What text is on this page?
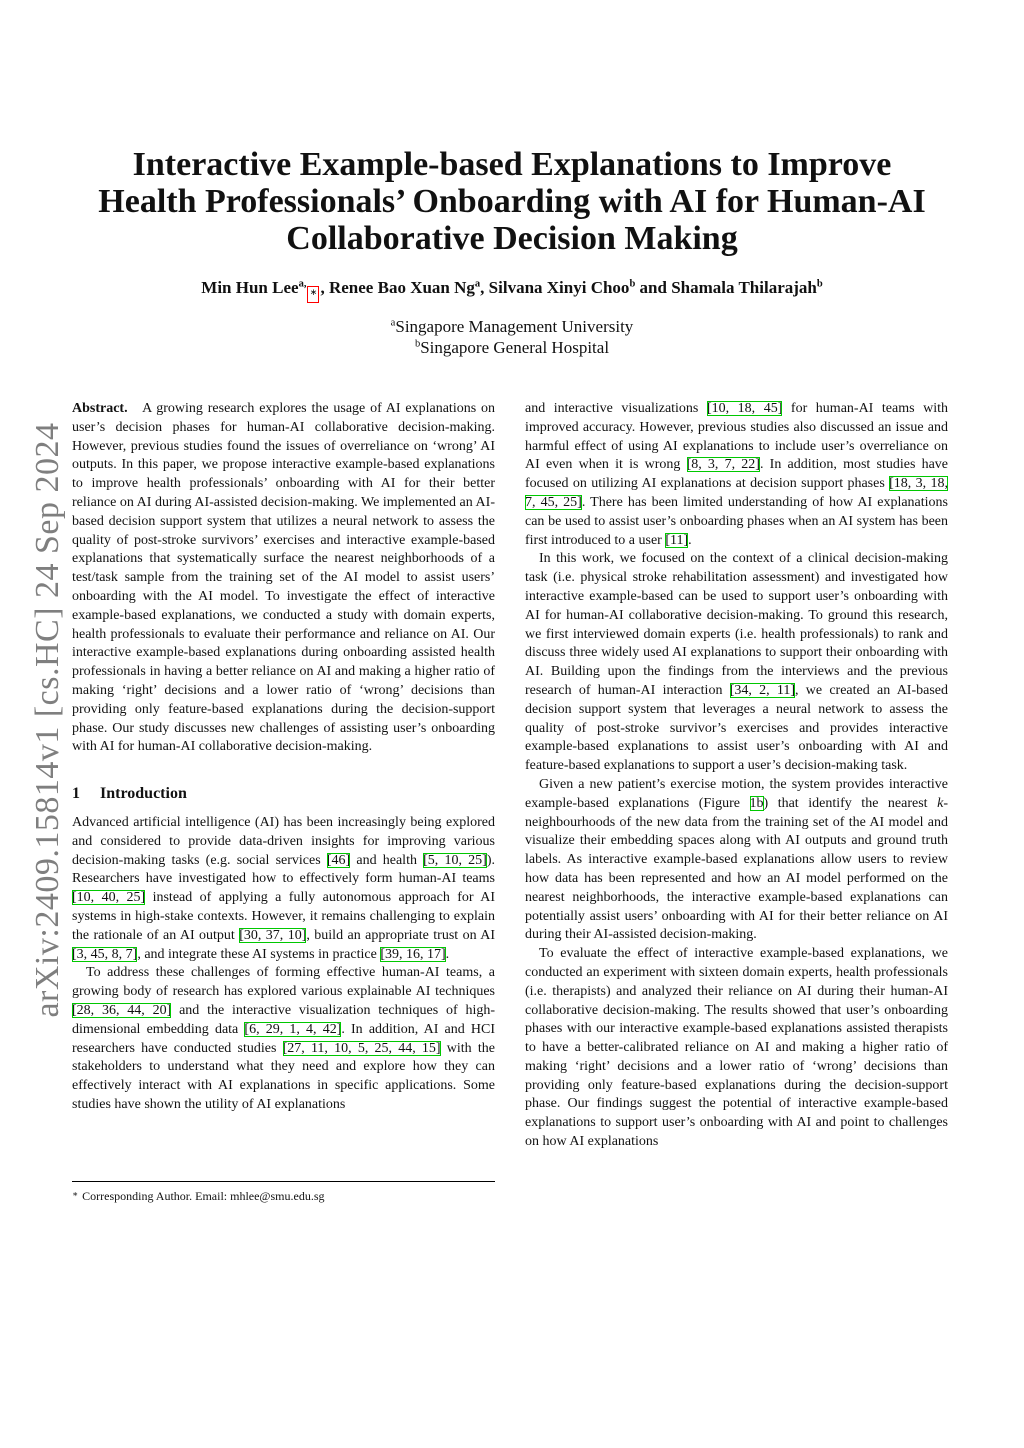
arXiv:2409.15814v1 [cs.HC] 24 Sep 2024
Interactive Example-based Explanations to Improve
Health Professionals’ Onboarding with AI for Human-AI
Collaborative Decision Making
Min Hun Lee$^{a,}$∗ , Renee Bao Xuan Ng$^a$, Silvana Xinyi Choo$^b$ and Shamala Thilarajah$^b$
$^a$Singapore Management University
$^b$Singapore General Hospital

Abstract. A growing research explores the usage of AI explanations on user’s decision phases for human-AI collaborative decision-making. However, previous studies found the issues of overreliance on ‘wrong’ AI outputs. In this paper, we propose interactive example-based explanations to improve health professionals’ onboarding with AI for their better reliance on AI during AI-assisted decision-making. We implemented an AI-based decision support system that utilizes a neural network to assess the quality of post-stroke survivors’ exercises and interactive example-based explanations that systematically surface the nearest neighborhoods of a test/task sample from the training set of the AI model to assist users’ onboarding with the AI model. To investigate the effect of interactive example-based explanations, we conducted a study with domain experts, health professionals to evaluate their performance and reliance on AI. Our interactive example-based explanations during onboarding assisted health professionals in having a better reliance on AI and making a higher ratio of making ‘right’ decisions and a lower ratio of ‘wrong’ decisions than providing only feature-based explanations during the decision-support phase. Our study discusses new challenges of assisting user’s onboarding with AI for human-AI collaborative decision-making.

1 Introduction

Advanced artificial intelligence (AI) has been increasingly being explored and considered to provide data-driven insights for improving various decision-making tasks (e.g. social services [46] and health [5, 10, 25]). Researchers have investigated how to effectively form human-AI teams [10, 40, 25] instead of applying a fully autonomous approach for AI systems in high-stake contexts. However, it remains challenging to explain the rationale of an AI output [30, 37, 10], build an appropriate trust on AI [3, 45, 8, 7], and integrate these AI systems in practice [39, 16, 17].

To address these challenges of forming effective human-AI teams, a growing body of research has explored various explainable AI techniques [28, 36, 44, 20] and the interactive visualization techniques of high-dimensional embedding data [6, 29, 1, 4, 42]. In addition, AI and HCI researchers have conducted studies [27, 11, 10, 5, 25, 44, 15] with the stakeholders to understand what they need and explore how they can effectively interact with AI explanations in specific applications. Some studies have shown the utility of AI explanations

and interactive visualizations [10, 18, 45] for human-AI teams with improved accuracy. However, previous studies also discussed an issue and harmful effect of using AI explanations to include user’s overreliance on AI even when it is wrong [8, 3, 7, 22]. In addition, most studies have focused on utilizing AI explanations at decision support phases [18, 3, 18, 7, 45, 25]. There has been limited understanding of how AI explanations can be used to assist user’s onboarding phases when an AI system has been first introduced to a user [11].

In this work, we focused on the context of a clinical decision-making task (i.e. physical stroke rehabilitation assessment) and investigated how interactive example-based can be used to support user’s onboarding with AI for human-AI collaborative decision-making. To ground this research, we first interviewed domain experts (i.e. health professionals) to rank and discuss three widely used AI explanations to support their onboarding with AI. Building upon the findings from the interviews and the previous research of human-AI interaction [34, 2, 11], we created an AI-based decision support system that leverages a neural network to assess the quality of post-stroke survivor’s exercises and provides interactive example-based explanations to assist user’s onboarding with AI and feature-based explanations to support a user’s decision-making task.

Given a new patient’s exercise motion, the system provides interactive example-based explanations (Figure 1b) that identify the nearest k-neighbourhoods of the new data from the training set of the AI model and visualize their embedding spaces along with AI outputs and ground truth labels. As interactive example-based explanations allow users to review how data has been represented and how an AI model performed on the nearest neighborhoods, the interactive example-based explanations can potentially assist users’ onboarding with AI for their better reliance on AI during their AI-assisted decision-making.

To evaluate the effect of interactive example-based explanations, we conducted an experiment with sixteen domain experts, health professionals (i.e. therapists) and analyzed their reliance on AI during their human-AI collaborative decision-making. The results showed that user’s onboarding phases with our interactive example-based explanations assisted therapists to have a better-calibrated reliance on AI and making a higher ratio of making ‘right’ decisions and a lower ratio of ‘wrong’ decisions than providing only feature-based explanations during the decision-support phase. Our findings suggest the potential of interactive example-based explanations to support user’s onboarding with AI and point to challenges on how AI explanations

∗ Corresponding Author. Email: mhlee@smu.edu.sg
